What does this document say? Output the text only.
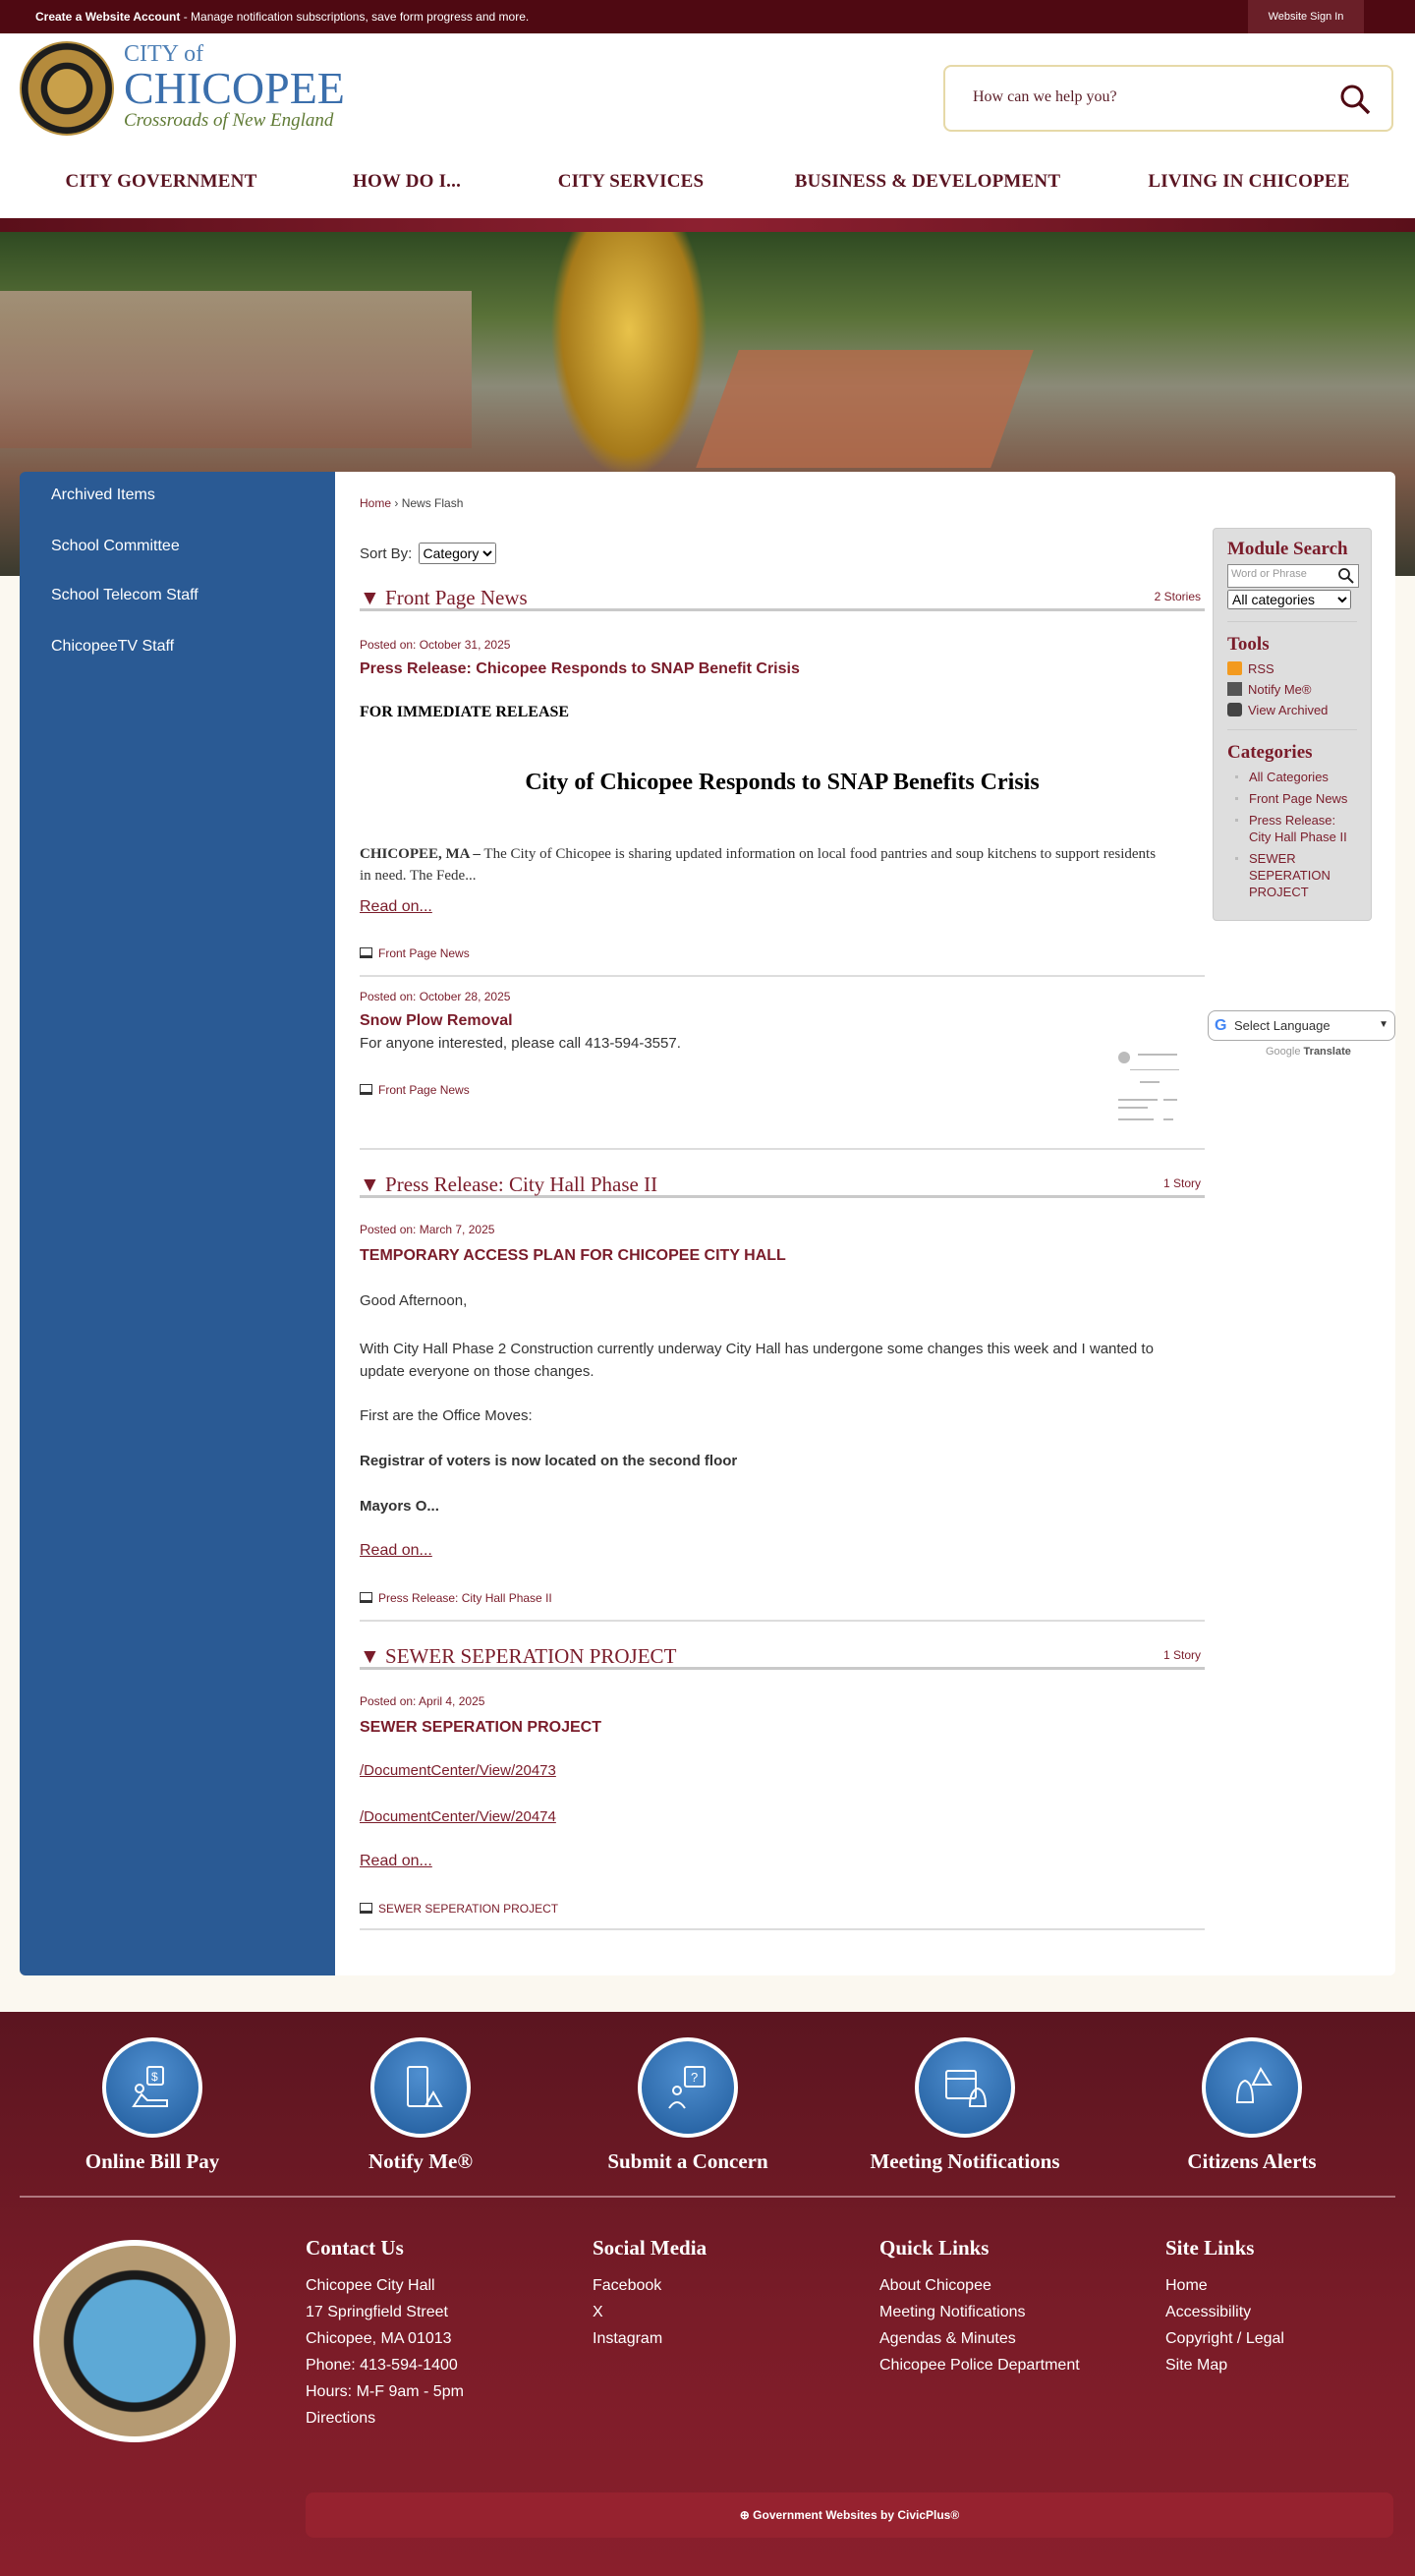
Create a Website Account - Manage notification subscriptions, save form progress and more.	Website Sign In
CITY of
CHICOPEE
Crossroads of New England
How can we help you?
CITY GOVERNMENT	HOW DO I...	CITY SERVICES	BUSINESS & DEVELOPMENT	LIVING IN CHICOPEE
Archived Items
School Committee
School Telecom Staff
ChicopeeTV Staff
Home › News Flash
Sort By:
Category
▼ Front Page News	2 Stories
Posted on: October 31, 2025
Press Release: Chicopee Responds to SNAP Benefit Crisis
FOR IMMEDIATE RELEASE
City of Chicopee Responds to SNAP Benefits Crisis
CHICOPEE, MA – The City of Chicopee is sharing updated information on local food pantries and soup kitchens to support residents in need. The Fede...
Read on...
Front Page News
Posted on: October 28, 2025
Snow Plow Removal
For anyone interested, please call 413-594-3557.
Front Page News
▼ Press Release: City Hall Phase II	1 Story
Posted on: March 7, 2025
TEMPORARY ACCESS PLAN FOR CHICOPEE CITY HALL
Good Afternoon,
With City Hall Phase 2 Construction currently underway City Hall has undergone some changes this week and I wanted to update everyone on those changes.
First are the Office Moves:
Registrar of voters is now located on the second floor
Mayors O...
Read on...
Press Release: City Hall Phase II
▼ SEWER SEPERATION PROJECT	1 Story
Posted on: April 4, 2025
SEWER SEPERATION PROJECT
/DocumentCenter/View/20473
/DocumentCenter/View/20474
Read on...
SEWER SEPERATION PROJECT
Module Search
Word or Phrase
All categories
Tools
RSS
Notify Me®
View Archived
Categories
All Categories
Front Page News
Press Release: City Hall Phase II
SEWER SEPERATION PROJECT
G Select Language	▼
Google Translate
$
Online Bill Pay	Notify Me®
?
Submit a Concern	Meeting Notifications	Citizens Alerts
Contact Us
Chicopee City Hall
17 Springfield Street
Chicopee, MA 01013
Phone: 413-594-1400
Hours: M-F 9am - 5pm
Directions
Social Media
Facebook
X
Instagram
Quick Links
About Chicopee
Meeting Notifications
Agendas & Minutes
Chicopee Police Department
Site Links
Home
Accessibility
Copyright / Legal
Site Map
⊕ Government Websites by CivicPlus®
